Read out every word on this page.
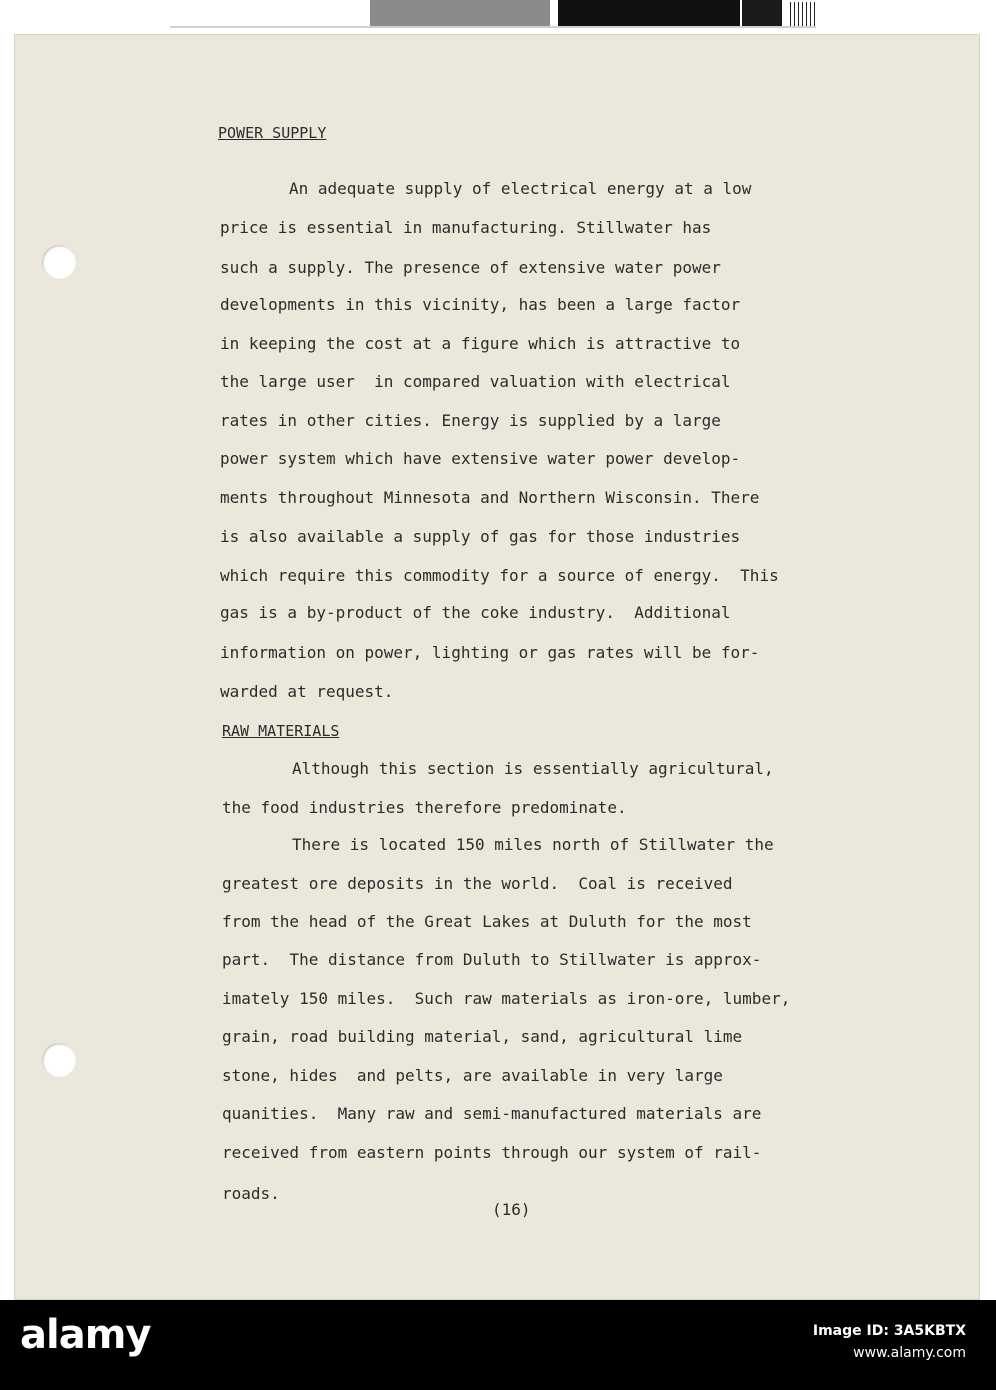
POWER SUPPLY
An adequate supply of electrical energy at a low
price is essential in manufacturing. Stillwater has
such a supply. The presence of extensive water power
developments in this vicinity, has been a large factor
in keeping the cost at a figure which is attractive to
the large user  in compared valuation with electrical
rates in other cities. Energy is supplied by a large
power system which have extensive water power develop-
ments throughout Minnesota and Northern Wisconsin. There
is also available a supply of gas for those industries
which require this commodity for a source of energy.  This
gas is a by-product of the coke industry.  Additional
information on power, lighting or gas rates will be for-
warded at request.
RAW MATERIALS
Although this section is essentially agricultural,
the food industries therefore predominate.
There is located 150 miles north of Stillwater the
greatest ore deposits in the world.  Coal is received
from the head of the Great Lakes at Duluth for the most
part.  The distance from Duluth to Stillwater is approx-
imately 150 miles.  Such raw materials as iron-ore, lumber,
grain, road building material, sand, agricultural lime
stone, hides  and pelts, are available in very large
quanities.  Many raw and semi-manufactured materials are
received from eastern points through our system of rail-
roads.
(16)
alamy	Image ID: 3A5KBTX
www.alamy.com
